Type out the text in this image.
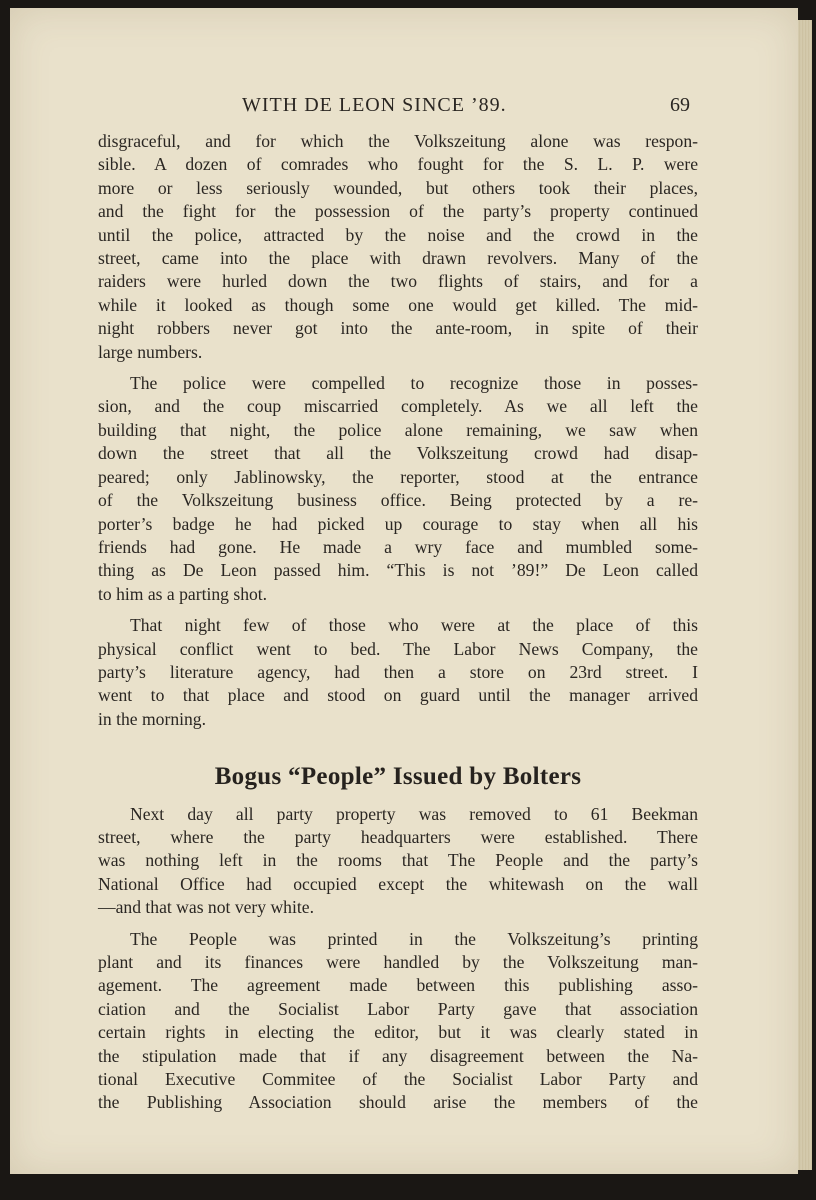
WITH DE LEON SINCE ’89.	69
disgraceful, and for which the Volkszeitung alone was respon-
sible. A dozen of comrades who fought for the S. L. P. were
more or less seriously wounded, but others took their places,
and the fight for the possession of the party’s property continued
until the police, attracted by the noise and the crowd in the
street, came into the place with drawn revolvers. Many of the
raiders were hurled down the two flights of stairs, and for a
while it looked as though some one would get killed. The mid-
night robbers never got into the ante-room, in spite of their
large numbers.
The police were compelled to recognize those in posses-
sion, and the coup miscarried completely. As we all left the
building that night, the police alone remaining, we saw when
down the street that all the Volkszeitung crowd had disap-
peared; only Jablinowsky, the reporter, stood at the entrance
of the Volkszeitung business office. Being protected by a re-
porter’s badge he had picked up courage to stay when all his
friends had gone. He made a wry face and mumbled some-
thing as De Leon passed him. “This is not ’89!” De Leon called
to him as a parting shot.
That night few of those who were at the place of this
physical conflict went to bed. The Labor News Company, the
party’s literature agency, had then a store on 23rd street. I
went to that place and stood on guard until the manager arrived
in the morning.
Bogus “People” Issued by Bolters
Next day all party property was removed to 61 Beekman
street, where the party headquarters were established. There
was nothing left in the rooms that The People and the party’s
National Office had occupied except the whitewash on the wall
—and that was not very white.
The People was printed in the Volkszeitung’s printing
plant and its finances were handled by the Volkszeitung man-
agement. The agreement made between this publishing asso-
ciation and the Socialist Labor Party gave that association
certain rights in electing the editor, but it was clearly stated in
the stipulation made that if any disagreement between the Na-
tional Executive Commitee of the Socialist Labor Party and
the Publishing Association should arise the members of the
